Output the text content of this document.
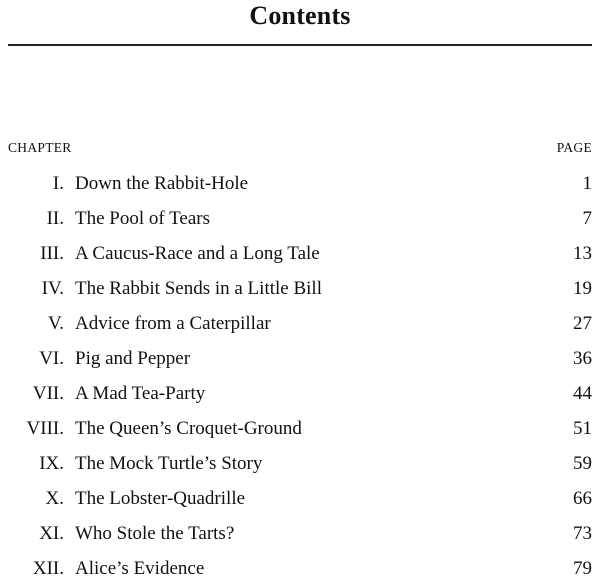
Contents
CHAPTER	PAGE
I. Down the Rabbit-Hole	1
II. The Pool of Tears	7
III. A Caucus-Race and a Long Tale	13
IV. The Rabbit Sends in a Little Bill	19
V. Advice from a Caterpillar	27
VI. Pig and Pepper	36
VII. A Mad Tea-Party	44
VIII. The Queen’s Croquet-Ground	51
IX. The Mock Turtle’s Story	59
X. The Lobster-Quadrille	66
XI. Who Stole the Tarts?	73
XII. Alice’s Evidence	79
